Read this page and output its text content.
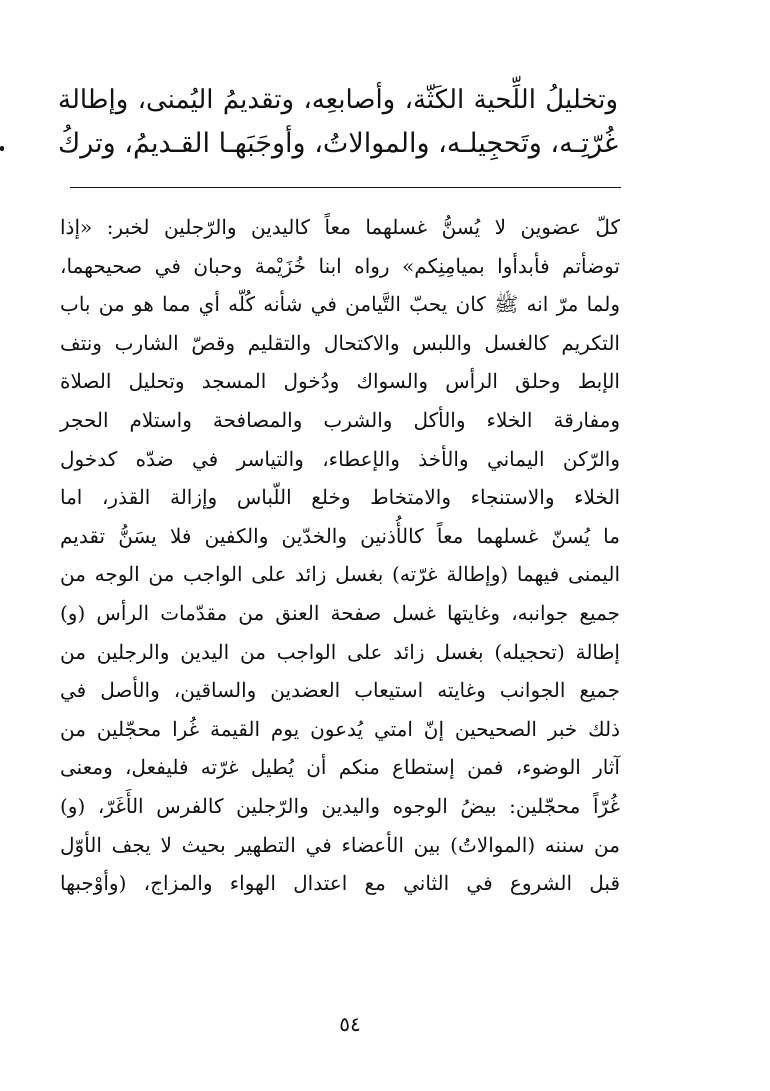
وتخليلُ اللِّحية الكَثّة، وأصابعِه، وتقديمُ اليُمنى، وإطالة
غُرّتِـه، وتَحجِيلـه، والموالاتُ، وأوجَبَهـا القـديمُ، وتركُ
كلّ عضوين لا يُسنُّ غسلهما معاً كاليدين والرّجلين لخبر: «إذا
توضأتم فأبدأوا بميامِنِكم» رواه ابنا خُزَيْمة وحبان في صحيحهما،
ولما مرّ انه ﷺ كان يحبّ التَّيامن في شأنه كُلّه أي مما هو من باب
التكريم كالغسل واللبس والاكتحال والتقليم وقصّ الشارب ونتف
الإبط وحلق الرأس والسواك ودُخول المسجد وتحليل الصلاة
ومفارقة الخلاء والأكل والشرب والمصافحة واستلام الحجر
والرّكن اليماني والأخذ والإعطاء، والتياسر في ضدّه كدخول
الخلاء والاستنجاء والامتخاط وخلع اللّباس وإزالة القذر، اما
ما يُسنّ غسلهما معاً كالأُذنين والخدّين والكفين فلا يسَنُّ تقديم
اليمنى فيهما (وإطالة غرّته) بغسل زائد على الواجب من الوجه من
جميع جوانبه، وغايتها غسل صفحة العنق من مقدّمات الرأس (و)
إطالة (تحجيله) بغسل زائد على الواجب من اليدين والرجلين من
جميع الجوانب وغايته استيعاب العضدين والساقين، والأصل في
ذلك خبر الصحيحين إنّ امتي يُدعون يوم القيمة غُرا محجّلين من
آثار الوضوء، فمن إستطاع منكم أن يُطيل غرّته فليفعل، ومعنى
غُرّاً محجّلين: بيضُ الوجوه واليدين والرّجلين كالفرس الأَغَرّ، (و)
من سننه (الموالاتُ) بين الأعضاء في التطهير بحيث لا يجف الأوّل
قبل الشروع في الثاني مع اعتدال الهواء والمزاج، (وأوْجبها
٥٤
